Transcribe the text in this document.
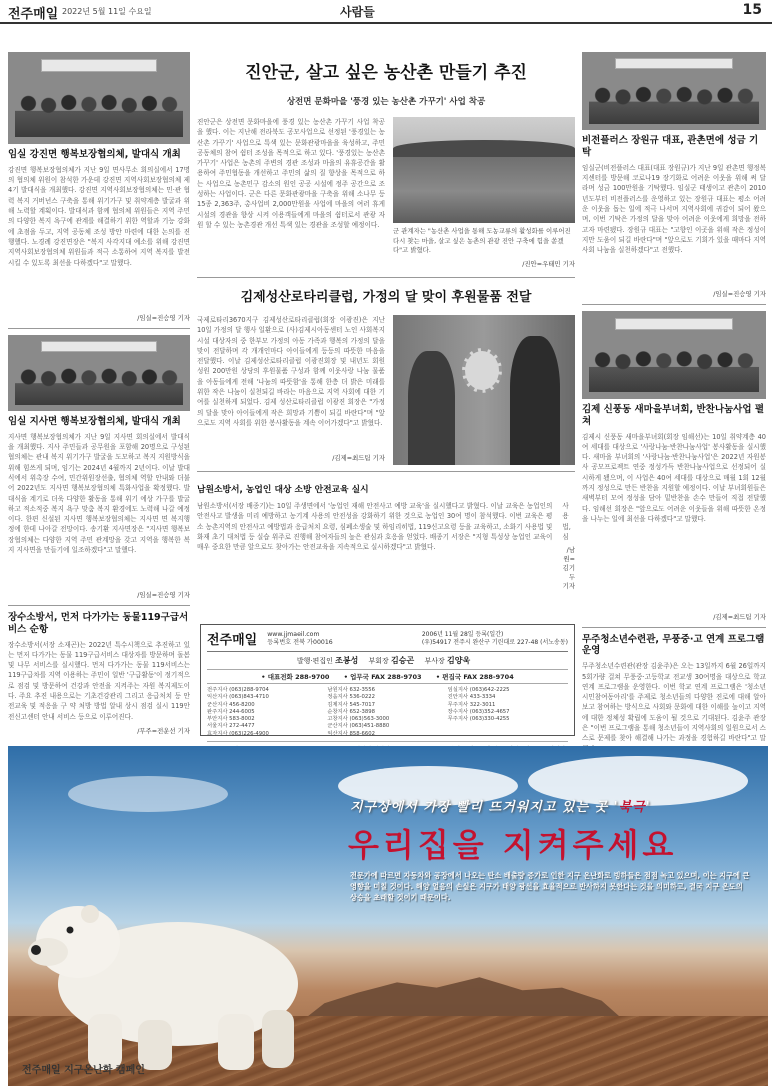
전주매일 2022년 5월 11일 수요일	사람들	15
임실 강진면 행복보장협의체, 발대식 개최

강진면 행복보장협의체가 지난 9일 면사무소 회의실에서 17명의 협의체 위원이 참석한 가운데 강진면 지역사회보장협의체 제4기 발대식을 개최했다. 강진면 지역사회보장협의체는 민·관 협력 복지 거버넌스 구축을 통해 위기가구 및 취약계층 발굴과 위해 노력할 계획이다. 발대식과 함께 협의체 위원들은 지역 주민의 다양한 복지 욕구에 관계를 해결하기 위한 역할과 기능 강화에 초점을 두고, 지역 공동체 조성 방안 마련에 대한 논의를 진행했다. 노경례 강진면장은 "복지 사각지대 예소를 위해 강진면 지역사회보장협의체 위원들과 적극 소통하여 지역 복지를 발전시킬 수 있도록 최선을 다하겠다"고 말했다.

/임실=진승영 기자

임실 지사면 행복보장협의체, 발대식 개최

지사면 행복보장협의체가 지난 9일 지사면 회의실에서 발대식을 개최했다. 지사 주민들과 공무원을 포함해 20명으로 구성된 협의체는 관내 복지 위기가구 발굴을 도모하고 복지 지원방식을 위해 힘쓰게 되며, 임기는 2024년 4월까지 2년이다. 이날 발대식에서 위촉장 수여, 민간위원장선출, 협의체 역할 안내와 더불어 2022년도 지사면 행복보장협의체 특화사업을 확정했다. 발대식을 계기로 더욱 다양한 활동을 통해 위기 에상 가구를 발굴하고 적소적중 복지 욕구 맞춤 복지 환경에도 노력해 나갈 예정이다. 한편 신설된 지사면 행복보장협의체는 지사면 면 복지행정에 한데 나아갈 전망이다. 송기환 지사면장은 "지사면 행복보장협의체는 다양한 지역 주민 관계망을 갖고 지역을 행복한 복지 지사면을 만들기에 일조하겠다"고 말했다.

/임실=진승영 기자

장수소방서, 먼저 다가가는 동물119구급서비스 순항

장수소방서(서장 소재곤)는 2022년 특수시책으로 추진하고 있는 먼저 다가가는 동물 119구급서비스 대상자를 방문하며 돌봄 및 나무 서비스를 실시했다. 먼저 다가가는 동물 119서비스는 119구급차를 지역 이용하는 주민이 일반 '구급활동'이 정기적으로 점검 및 방문하여 건강과 안전을 지켜주는 자원 복지제도이다. 주요 추진 내용으로는 기초건강관리 그리고 응급처치 등 안전교육 및 적응을 구 약 처방 방법 알내 상시 점검 실시 119안전신고센터 안내 서비스 등으로 이루어진다.

/무주=전운선 기자

진안군, 살고 싶은 농산촌 만들기 추진
상전면 문화마을 '풍경 있는 농산촌 가꾸기' 사업 착공

진안군은 상전면 문화마을에 풍경 있는 농산촌 가꾸기 사업 착공을 했다. 이는 지난해 전라북도 공모사업으로 선정된 '풍경있는 농산촌 가꾸기' 사업으로 특색 있는 문화관광마을을 육성하고, 주민 공동체의 참여 쉼터 조성을 목적으로 하고 있다. '풍경있는 농산촌 가꾸기' 사업은 농촌의 주변의 경관 조성과 마을의 유휴공간을 활용하여 주민협동을 개선하고 주민의 삶의 질 향상을 목적으로 하는 사업으로 농촌민구 감소의 원인 공공 시설에 정주 공간으로 조성하는 사업이다. 군은 다른 문화관광마을 구축을 위해 소나무 등 15종 2,363주, 총사업비 2,000만원을 사업에 마을의 여러 휴게시설의 경관을 향상 시켜 이용객들에게 마을의 쉼터로서 관광 자원 할 수 있는 농촌경관 개선 특색 있는 경관을 조성할 예정이다.

군 관계자는 "농산촌 사업을 통해 도농교류의 활성화를 이루어진 다시 찾는 마을, 살고 싶은 농촌의 관광 진안 구축에 힘을 쏟겠다"고 밝혔다.

/진안=우태민 기자

김제성산로타리클럽, 가정의 달 맞이 후원물품 전달

국제로타리3670지구 김제성산로타리클럽(회장 이광진)은 지난 10일 가정의 달 행사 일환으로 (사)김제시아동센터 노인 사회복지시설 대상자의 중 한부모 가정의 아동 가족과 행복의 가정의 달을 맞이 전달하며 각 개개인마다 아이들에게 등등의 따뜻한 마음을 전달했다. 이날 김제성산로타리클럽 이광진회장 및 내년도 회원 성원 200만원 상당의 후원물품 구성과 함께 이웃사랑 나눔 물품을 아동들에게 전해 '나눔의 따뜻함'을 통해 한층 더 밝은 미래를 위한 작은 나눔이 실천되길 바라는 마음으로 지역 사회에 대한 기여를 실천하게 되었다. 김제 성산로타리클럽 이광진 회장은 "가정의 달을 맞아 아이들에게 작은 희망과 기쁨이 되길 바란다"며 "앞으로도 지역 사회를 위한 봉사활동을 계속 이어가겠다"고 밝혔다.

/김제=최드팀 기자

남원소방서, 농업인 대상 소방 안전교육 실시

남원소방서(서장 배종기)는 10일 주생면에서 '농업인 재해 안전사고 예방 교육'을 실시했다고 밝혔다. 이날 교육은 농업인의 안전사고 발생을 미리 예방하고 농기계 사용의 안전성을 강화하기 위한 것으로 농업인 30여 명이 참석했다. 이번 교육은 평소 농촌지역의 안전사고 예방법과 응급처치 요령, 심폐소생술 및 하임리히법, 119신고요령 등을 교육하고, 소화기 사용법 및 화재 초기 대처법 등 실습 위주로 진행해 참여자들의 높은 관심과 호응을 얻었다. 배종기 서장은 "지형 특성상 농업인 교육이 매우 중요한 만큼 앞으로도 찾아가는 안전교육을 지속적으로 실시하겠다"고 밝혔다.

사용법, 심

/남원=김기두 기자

전주매일 www.jjmaeil.com
등록번호 전북 가00016
2006년 11월 28일 등록(일간)
(우)54917 전주시 완산구 기린대로 227-48 (서노송동)
발행·편집인 조봉성 부회장 김승곤 부사장 김양욱
• 대표전화 288-9700 • 업무국 FAX 288-9703 • 편집국 FAX 288-9704
전주지사 (063)288-9704	남원지사 632-3556	임실지사 (063)642-2225
익산지사 (063)843-4710	정읍지사 536-0222	진안지사 433-3334
군산지사 456-8200	김제지사 545-7017	무주지사 322-3011
완주지사 244-6005	순창지사 652-3898	장수지사 (063)352-4657
부안지사 583-8002	고창지사 (063)563-3000	무주지사 (063)330-4255
서울지사 272-4477	군산지사 (063)451-8880
효자지사 (063)226-4900	익산지사 858-6602
비전플러스 장원규 대표, 관촌면에 성금 기탁

임실군(비전플러스 대표(대표 장원규)가 지난 9일 관촌면 행정복지센터를 방문해 코로나19 장기화로 어려운 이웃을 위해 써 달라며 성금 100만원을 기탁했다. 임실군 태생이고 관촌이 2010년도부터 비전플러스를 운영하고 있는 장원규 대표는 평소 어려운 이웃을 돕는 일에 적극 나서며 지역사회에 귀감이 되어 왔으며, 이번 기탁은 가정의 달을 맞아 어려운 이웃에게 희망을 전하고자 마련됐다. 장원규 대표는 "고향인 이곳을 위해 작은 정성이지만 도움이 되길 바란다"며 "앞으로도 기회가 있을 때마다 지역사회 나눔을 실천하겠다"고 전했다.

/임실=진승영 기자

김제 신풍동 새마을부녀회, 반찬나눔사업 펼쳐

김제시 신풍동 새마을부녀회(회장 임해선)는 10일 취약계층 40여 세대를 대상으로 '사랑나눔·반찬나눔사업' 봉사활동을 실시했다. 새마을 부녀회의 '사랑나눔·반찬나눔사업'은 2022년 자원봉사 공모프로젝트 연중 정성가득 반찬나눔사업으로 선정되어 실시하게 됐으며, 이 사업은 40여 세대를 대상으로 매월 1회 12월까지 정성으로 만든 반찬을 지원할 예정이다. 이날 부녀회원들은 새벽부터 모여 정성을 담아 밑반찬을 손수 만들어 직접 전달했다. 임해선 회장은 "앞으로도 어려운 이웃들을 위해 따뜻한 온정을 나누는 일에 최선을 다하겠다"고 말했다.

/김제=최드팀 기자

무주청소년수련관, 무풍중·고 연계 프로그램 운영

무주청소년수련관(관장 김윤주)은 오는 13일까지 6월 26일까지 5회가량 걸쳐 무풍중·고등학교 전교생 30여명을 대상으로 학교연계 프로그램을 운영한다. 이번 학교 연계 프로그램은 '청소년 시민참여동아리'를 주제로 청소년들의 다양한 진로에 대해 알아보고 참여하는 방식으로 사회와 문화에 대한 이해를 높이고 지역에 대한 정체성 확립에 도움이 될 것으로 기대된다. 김윤주 관장은 "이번 프로그램을 통해 청소년들이 지역사회의 일원으로서 스스로 문제를 찾아 해결해 나가는 과정을 경험하길 바란다"고 말

지구상에서 가장 빨리 뜨거워지고 있는 곳 '북극'
우리집을 지켜주세요

전문가에 따르면 자동차와 공장에서 나오는 탄소 배출량 증가로 인한 지구 온난화로 빙하들은 점점 녹고 있으며, 이는 지구에 큰 영향을 미칠 것이다. 해양 얼음의 손실은 지구가 태양 광선을 효율적으로 반사하지 못한다는 것을 의미하고, 결국 지구 온도의 상승을 초래할 것이기 때문이다.

전주매일 지구온난화 캠페인
